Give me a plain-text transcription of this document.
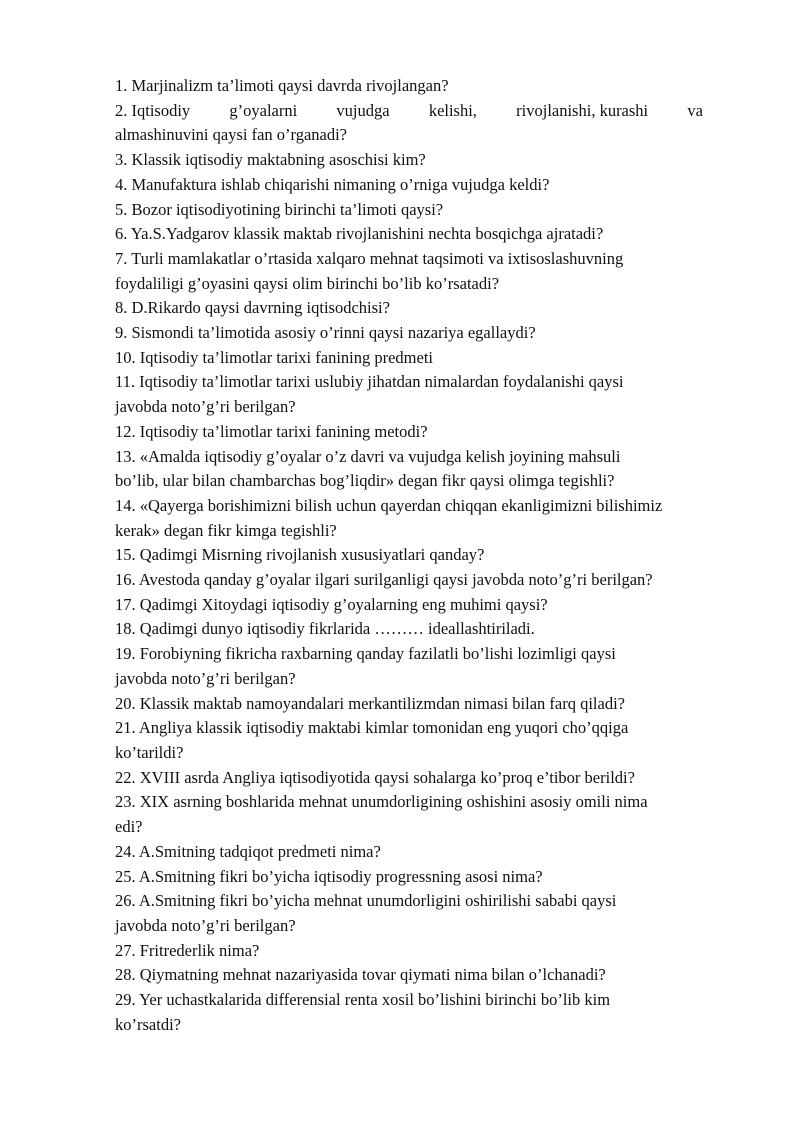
1. Marjinalizm ta’limoti qaysi davrda rivojlangan?
2. Iqtisodiy g’oyalarni vujudga kelishi, rivojlanishi, kurashi va
almashinuvini qaysi fan o’rganadi?
3. Klassik iqtisodiy maktabning asoschisi kim?
4. Manufaktura ishlab chiqarishi nimaning o’rniga vujudga keldi?
5. Bozor iqtisodiyotining birinchi ta’limoti qaysi?
6. Ya.S.Yadgarov klassik maktab rivojlanishini nechta bosqichga ajratadi?
7. Turli mamlakatlar o’rtasida xalqaro mehnat taqsimoti va ixtisoslashuvning
foydaliligi g’oyasini qaysi olim birinchi bo’lib ko’rsatadi?
8. D.Rikardo qaysi davrning iqtisodchisi?
9. Sismondi ta’limotida asosiy o’rinni qaysi nazariya egallaydi?
10. Iqtisodiy ta’limotlar tarixi fanining predmeti
11. Iqtisodiy ta’limotlar tarixi uslubiy jihatdan nimalardan foydalanishi qaysi
javobda noto’g’ri berilgan?
12. Iqtisodiy ta’limotlar tarixi fanining metodi?
13. «Amalda iqtisodiy g’oyalar o’z davri va vujudga kelish joyining mahsuli
bo’lib, ular bilan chambarchas bog’liqdir» degan fikr qaysi olimga tegishli?
14. «Qayerga borishimizni bilish uchun qayerdan chiqqan ekanligimizni bilishimiz
kerak» degan fikr kimga tegishli?
15. Qadimgi Misrning rivojlanish xususiyatlari qanday?
16. Avestoda qanday g’oyalar ilgari surilganligi qaysi javobda noto’g’ri berilgan?
17. Qadimgi Xitoydagi iqtisodiy g’oyalarning eng muhimi qaysi?
18. Qadimgi dunyo iqtisodiy fikrlarida ……… ideallashtiriladi.
19. Forobiyning fikricha raxbarning qanday fazilatli bo’lishi lozimligi qaysi
javobda noto’g’ri berilgan?
20. Klassik maktab namoyandalari merkantilizmdan nimasi bilan farq qiladi?
21. Angliya klassik iqtisodiy maktabi kimlar tomonidan eng yuqori cho’qqiga
ko’tarildi?
22. XVIII asrda Angliya iqtisodiyotida qaysi sohalarga ko’proq e’tibor berildi?
23. XIX asrning boshlarida mehnat unumdorligining oshishini asosiy omili nima
edi?
24. A.Smitning tadqiqot predmeti nima?
25. A.Smitning fikri bo’yicha iqtisodiy progressning asosi nima?
26. A.Smitning fikri bo’yicha mehnat unumdorligini oshirilishi sababi qaysi
javobda noto’g’ri berilgan?
27. Fritrederlik nima?
28. Qiymatning mehnat nazariyasida tovar qiymati nima bilan o’lchanadi?
29. Yer uchastkalarida differensial renta xosil bo’lishini birinchi bo’lib kim
ko’rsatdi?
